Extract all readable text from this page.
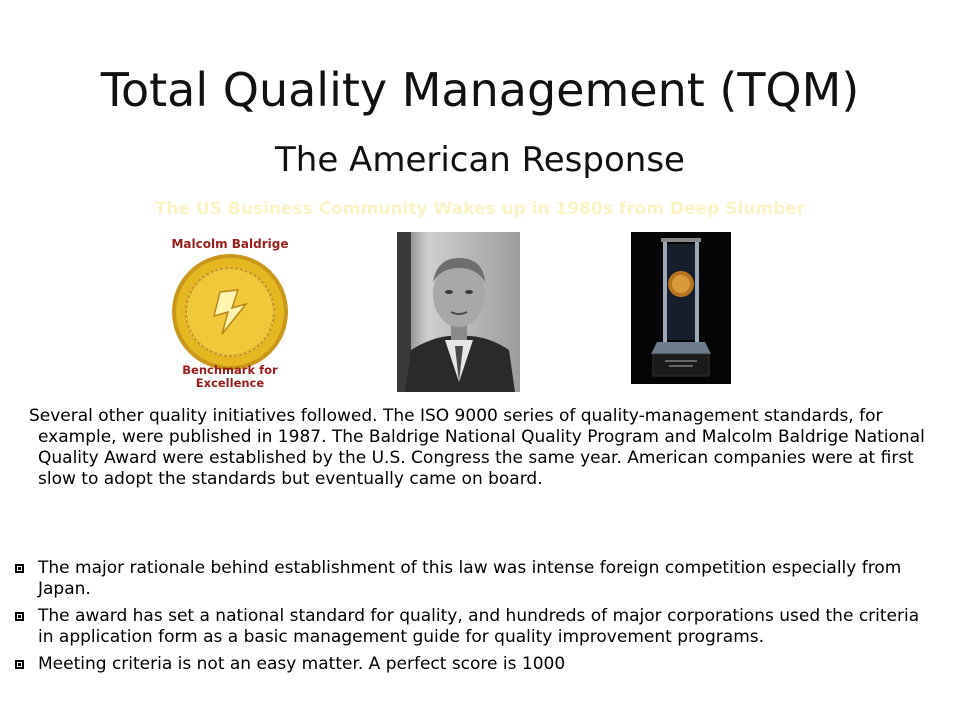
Total Quality Management (TQM)
The American Response
The US Business Community Wakes up in 1980s from Deep Slumber
Malcolm Baldrige
Benchmark for
Excellence

Several other quality initiatives followed. The ISO 9000 series of quality-management standards, for example, were published in 1987. The Baldrige National Quality Program and Malcolm Baldrige National Quality Award were established by the U.S. Congress the same year. American companies were at first slow to adopt the standards but eventually came on board.

The major rationale behind establishment of this law was intense foreign competition especially from Japan.
The award has set a national standard for quality, and hundreds of major corporations used the criteria in application form as a basic management guide for quality improvement programs.
Meeting criteria is not an easy matter. A perfect score is 1000
